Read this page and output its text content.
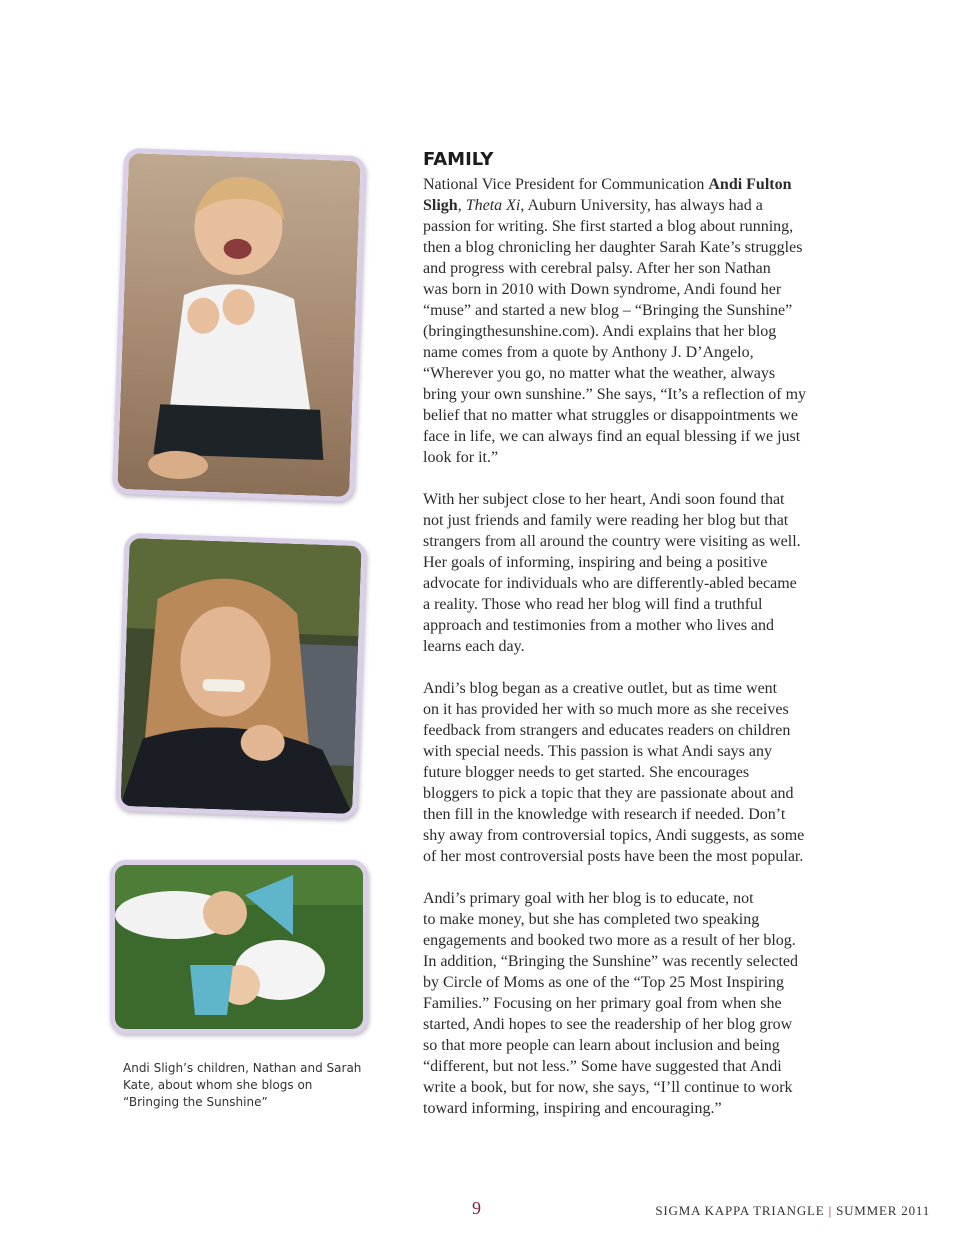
Andi Sligh’s children, Nathan and Sarah
Kate, about whom she blogs on
“Bringing the Sunshine”
FAMILY
National Vice President for Communication Andi Fulton
Sligh, Theta Xi, Auburn University, has always had a
passion for writing. She first started a blog about running,
then a blog chronicling her daughter Sarah Kate’s struggles
and progress with cerebral palsy. After her son Nathan
was born in 2010 with Down syndrome, Andi found her
“muse” and started a new blog – “Bringing the Sunshine”
(bringingthesunshine.com). Andi explains that her blog
name comes from a quote by Anthony J. D’Angelo,
“Wherever you go, no matter what the weather, always
bring your own sunshine.” She says, “It’s a reflection of my
belief that no matter what struggles or disappointments we
face in life, we can always find an equal blessing if we just
look for it.”
With her subject close to her heart, Andi soon found that
not just friends and family were reading her blog but that
strangers from all around the country were visiting as well.
Her goals of informing, inspiring and being a positive
advocate for individuals who are differently-abled became
a reality. Those who read her blog will find a truthful
approach and testimonies from a mother who lives and
learns each day.
Andi’s blog began as a creative outlet, but as time went
on it has provided her with so much more as she receives
feedback from strangers and educates readers on children
with special needs. This passion is what Andi says any
future blogger needs to get started. She encourages
bloggers to pick a topic that they are passionate about and
then fill in the knowledge with research if needed. Don’t
shy away from controversial topics, Andi suggests, as some
of her most controversial posts have been the most popular.
Andi’s primary goal with her blog is to educate, not
to make money, but she has completed two speaking
engagements and booked two more as a result of her blog.
In addition, “Bringing the Sunshine” was recently selected
by Circle of Moms as one of the “Top 25 Most Inspiring
Families.” Focusing on her primary goal from when she
started, Andi hopes to see the readership of her blog grow
so that more people can learn about inclusion and being
“different, but not less.” Some have suggested that Andi
write a book, but for now, she says, “I’ll continue to work
toward informing, inspiring and encouraging.”
9	SIGMA KAPPA TRIANGLE | SUMMER 2011
